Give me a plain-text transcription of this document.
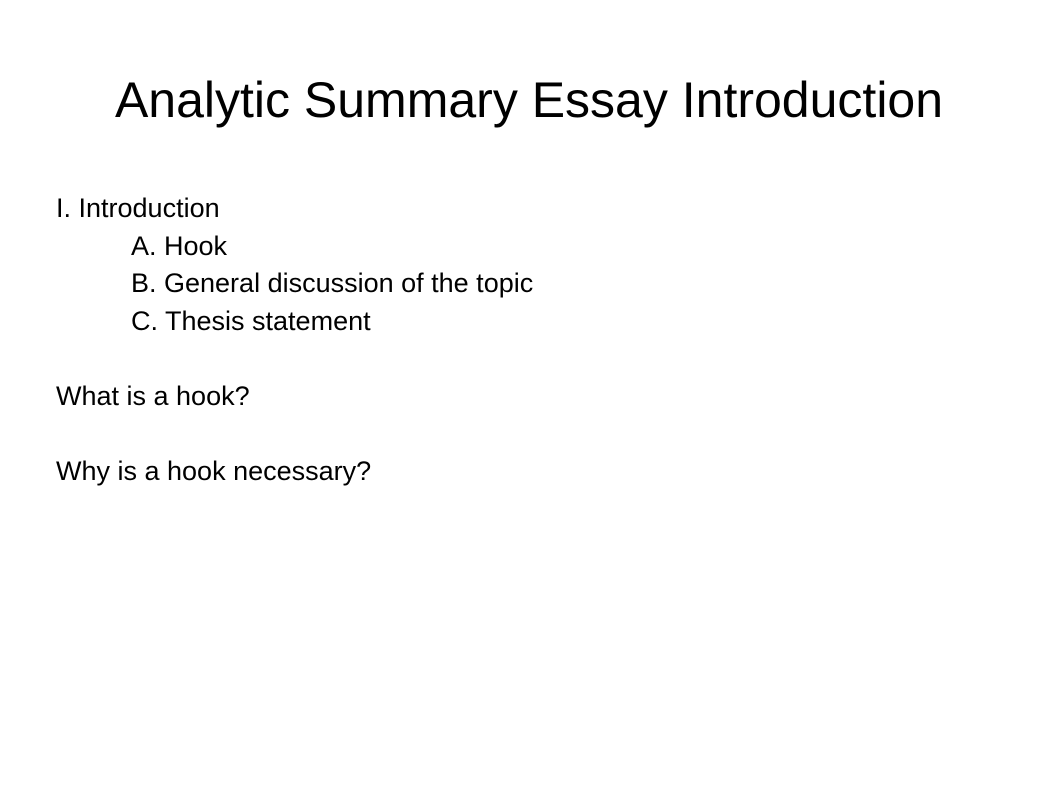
Analytic Summary Essay Introduction
I. Introduction
A. Hook
B. General discussion of the topic
C. Thesis statement
What is a hook?
Why is a hook necessary?
